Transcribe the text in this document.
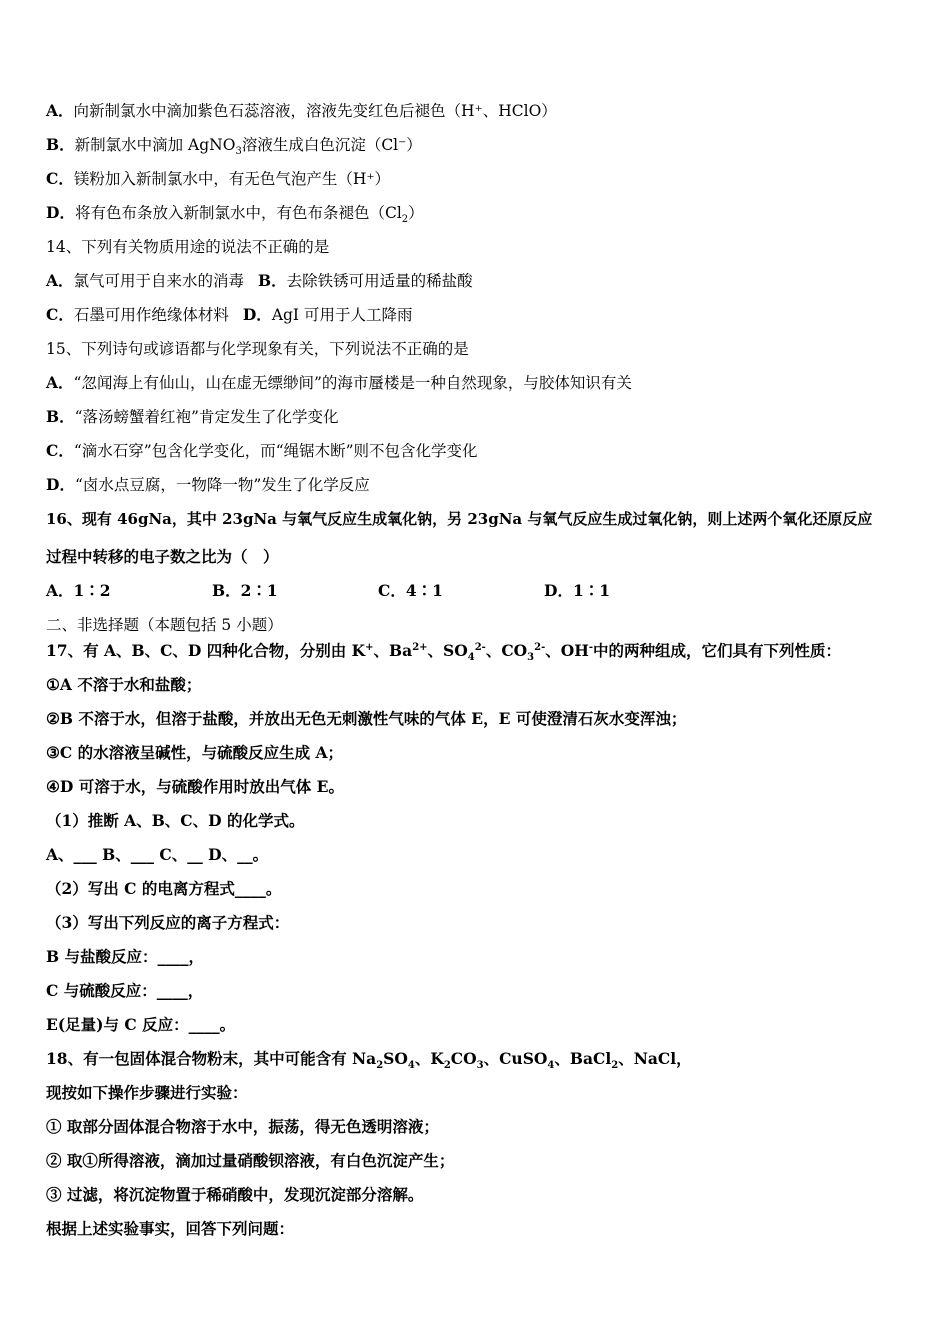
A．向新制氯水中滴加紫色石蕊溶液，溶液先变红色后褪色（H⁺、HClO）
B．新制氯水中滴加 AgNO$_3$溶液生成白色沉淀（Cl⁻）
C．镁粉加入新制氯水中，有无色气泡产生（H⁺）
D．将有色布条放入新制氯水中，有色布条褪色$(Cl_2)$
14、下列有关物质用途的说法不正确的是
A．氯气可用于自来水的消毒 B．去除铁锈可用适量的稀盐酸
C．石墨可用作绝缘体材料 D．AgI 可用于人工降雨
15、下列诗句或谚语都与化学现象有关，下列说法不正确的是
A．“忽闻海上有仙山，山在虚无缥缈间”的海市蜃楼是一种自然现象，与胶体知识有关
B．“落汤螃蟹着红袍”肯定发生了化学变化
C．“滴水石穿”包含化学变化，而“绳锯木断”则不包含化学变化
D．“卤水点豆腐，一物降一物”发生了化学反应
16、现有 46gNa，其中 23gNa 与氧气反应生成氧化钠，另 23gNa 与氧气反应生成过氧化钠，则上述两个氧化还原反应
过程中转移的电子数之比为（　）
A．1∶2	B．2∶1	C．4∶1	D．1∶1
二、非选择题（本题包括 5 小题）
17、有 A、B、C、D 四种化合物，分别由 K+、$Ba^{2+}$、$SO_4^{2-}$、$CO_3^{2-}$、OH-中的两种组成，它们具有下列性质：
①A 不溶于水和盐酸；
②B 不溶于水，但溶于盐酸，并放出无色无刺激性气味的气体 E，E 可使澄清石灰水变浑浊；
③C 的水溶液呈碱性，与硫酸反应生成 A；
④D 可溶于水，与硫酸作用时放出气体 E。
（1）推断 A、B、C、D 的化学式。
A、___ B、___ C、__ D、__。
（2）写出 C 的电离方程式____。
（3）写出下列反应的离子方程式：
B 与盐酸反应：____，
C 与硫酸反应：____，
E(足量)与 C 反应：____。
18、有一包固体混合物粉末，其中可能含有 $Na_2SO_4$、$K_2CO_3$、CuSO$_4$、BaCl$_2$、NaCl，
现按如下操作步骤进行实验：
① 取部分固体混合物溶于水中，振荡，得无色透明溶液；
② 取①所得溶液，滴加过量硝酸钡溶液，有白色沉淀产生；
③ 过滤，将沉淀物置于稀硝酸中，发现沉淀部分溶解。
根据上述实验事实，回答下列问题：
